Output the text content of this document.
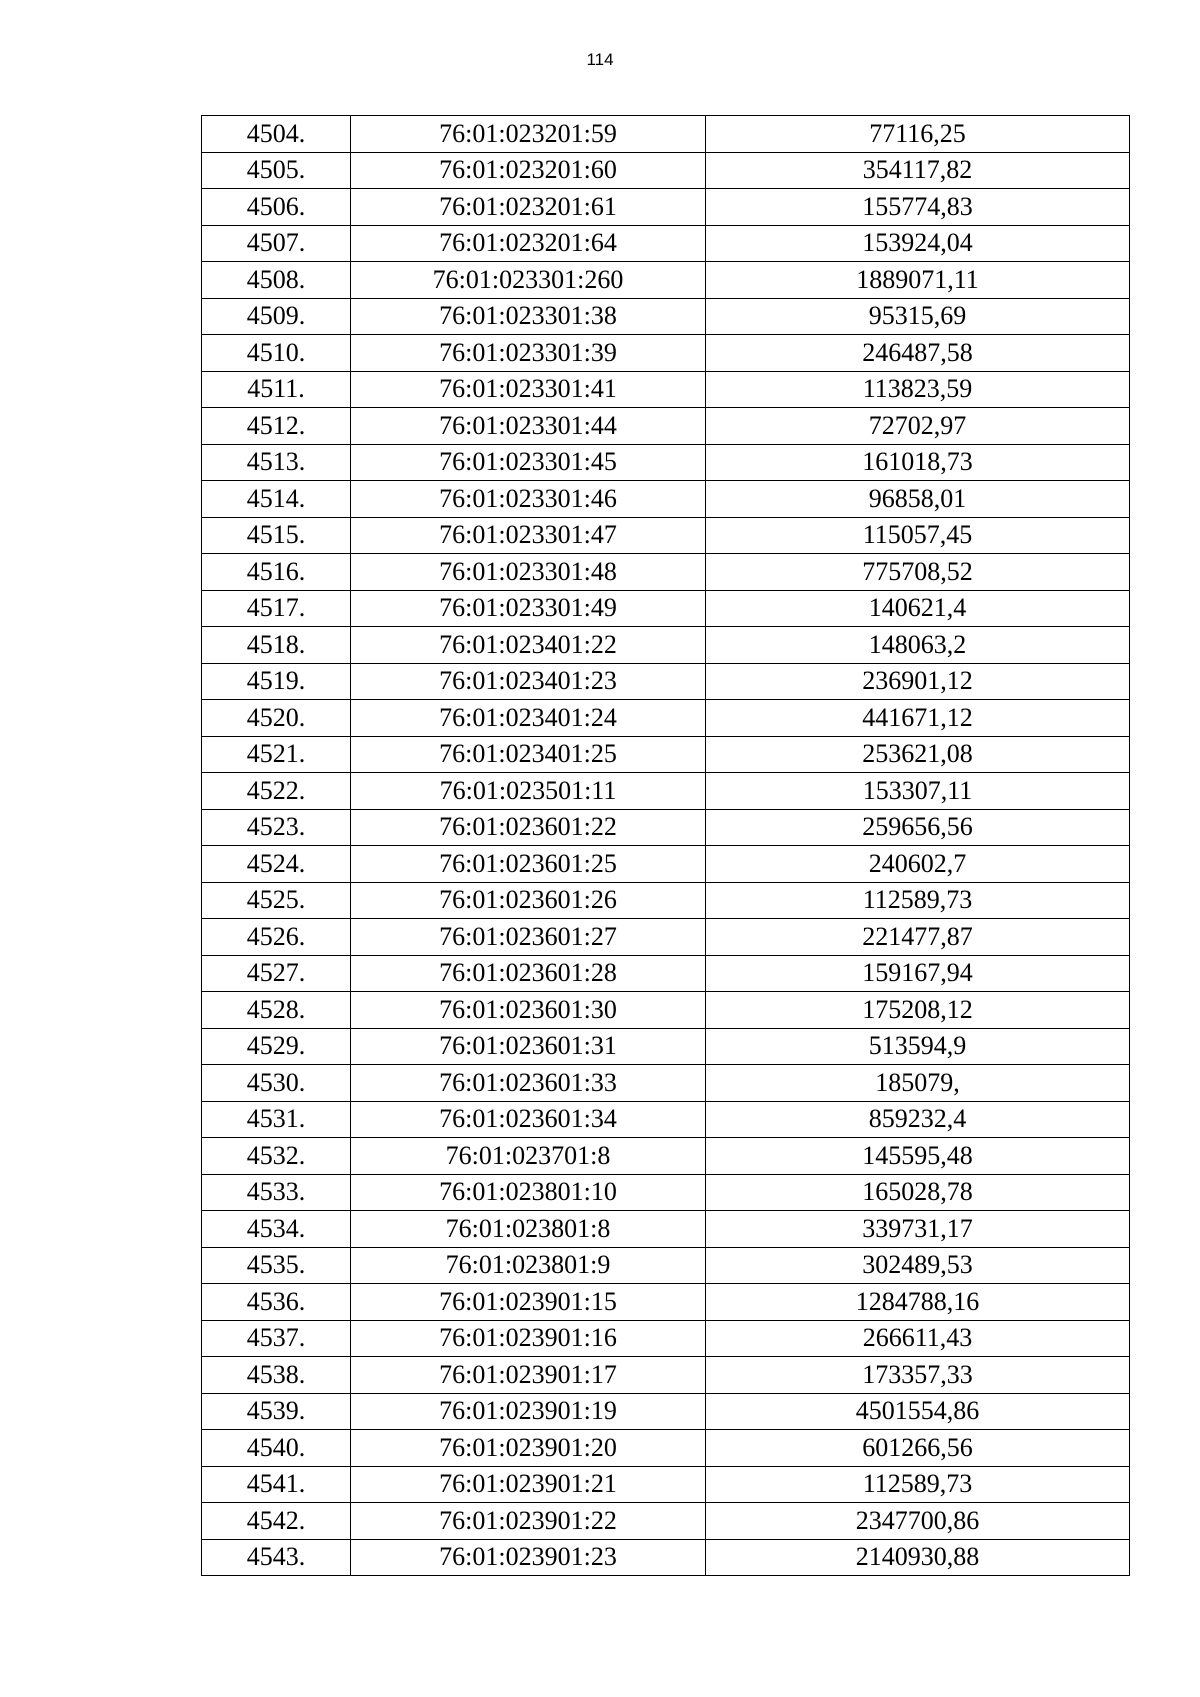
114
4504.	76:01:023201:59	77116,25
4505.	76:01:023201:60	354117,82
4506.	76:01:023201:61	155774,83
4507.	76:01:023201:64	153924,04
4508.	76:01:023301:260	1889071,11
4509.	76:01:023301:38	95315,69
4510.	76:01:023301:39	246487,58
4511.	76:01:023301:41	113823,59
4512.	76:01:023301:44	72702,97
4513.	76:01:023301:45	161018,73
4514.	76:01:023301:46	96858,01
4515.	76:01:023301:47	115057,45
4516.	76:01:023301:48	775708,52
4517.	76:01:023301:49	140621,4
4518.	76:01:023401:22	148063,2
4519.	76:01:023401:23	236901,12
4520.	76:01:023401:24	441671,12
4521.	76:01:023401:25	253621,08
4522.	76:01:023501:11	153307,11
4523.	76:01:023601:22	259656,56
4524.	76:01:023601:25	240602,7
4525.	76:01:023601:26	112589,73
4526.	76:01:023601:27	221477,87
4527.	76:01:023601:28	159167,94
4528.	76:01:023601:30	175208,12
4529.	76:01:023601:31	513594,9
4530.	76:01:023601:33	185079,
4531.	76:01:023601:34	859232,4
4532.	76:01:023701:8	145595,48
4533.	76:01:023801:10	165028,78
4534.	76:01:023801:8	339731,17
4535.	76:01:023801:9	302489,53
4536.	76:01:023901:15	1284788,16
4537.	76:01:023901:16	266611,43
4538.	76:01:023901:17	173357,33
4539.	76:01:023901:19	4501554,86
4540.	76:01:023901:20	601266,56
4541.	76:01:023901:21	112589,73
4542.	76:01:023901:22	2347700,86
4543.	76:01:023901:23	2140930,88
